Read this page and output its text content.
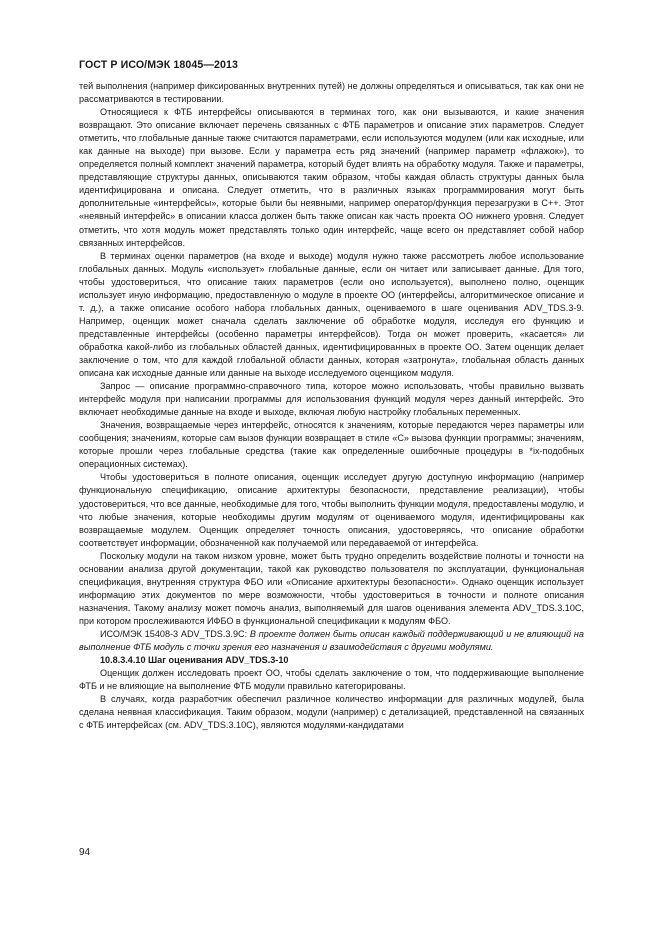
ГОСТ Р ИСО/МЭК 18045—2013

тей выполнения (например фиксированных внутренних путей) не должны определяться и описываться, так как они не рассматриваются в тестировании.

Относящиеся к ФТБ интерфейсы описываются в терминах того, как они вызываются, и какие значения возвращают. Это описание включает перечень связанных с ФТБ параметров и описание этих параметров. Следует отметить, что глобальные данные также считаются параметрами, если используются модулем (или как исходные, или как данные на выходе) при вызове. Если у параметра есть ряд значений (например параметр «флажок»), то определяется полный комплект значений параметра, который будет влиять на обработку модуля. Также и параметры, представляющие структуры данных, описываются таким образом, чтобы каждая область структуры данных была идентифицирована и описана. Следует отметить, что в различных языках программирования могут быть дополнительные «интерфейсы», которые были бы неявными, например оператор/функция перезагрузки в C++. Этот «неявный интерфейс» в описании класса должен быть также описан как часть проекта ОО нижнего уровня. Следует отметить, что хотя модуль может представлять только один интерфейс, чаще всего он представляет собой набор связанных интерфейсов.

В терминах оценки параметров (на входе и выходе) модуля нужно также рассмотреть любое использование глобальных данных. Модуль «использует» глобальные данные, если он читает или записывает данные. Для того, чтобы удостовериться, что описание таких параметров (если оно используется), выполнено полно, оценщик использует иную информацию, предоставленную о модуле в проекте ОО (интерфейсы, алгоритмическое описание и т. д.), а также описание особого набора глобальных данных, оцениваемого в шаге оценивания ADV_TDS.3-9. Например, оценщик может сначала сделать заключение об обработке модуля, исследуя его функцию и представленные интерфейсы (особенно параметры интерфейсов). Тогда он может проверить, «касается» ли обработка какой-либо из глобальных областей данных, идентифицированных в проекте ОО. Затем оценщик делает заключение о том, что для каждой глобальной области данных, которая «затронута», глобальная область данных описана как исходные данные или данные на выходе исследуемого оценщиком модуля.

Запрос — описание программно-справочного типа, которое можно использовать, чтобы правильно вызвать интерфейс модуля при написании программы для использования функций модуля через данный интерфейс. Это включает необходимые данные на входе и выходе, включая любую настройку глобальных переменных.

Значения, возвращаемые через интерфейс, относятся к значениям, которые передаются через параметры или сообщения; значениям, которые сам вызов функции возвращает в стиле «С» вызова функции программы; значениям, которые прошли через глобальные средства (такие как определенные ошибочные процедуры в *ix-подобных операционных системах).

Чтобы удостовериться в полноте описания, оценщик исследует другую доступную информацию (например функциональную спецификацию, описание архитектуры безопасности, представление реализации), чтобы удостовериться, что все данные, необходимые для того, чтобы выполнить функции модуля, предоставлены модулю, и что любые значения, которые необходимы другим модулям от оцениваемого модуля, идентифицированы как возвращаемые модулем. Оценщик определяет точность описания, удостоверяясь, что описание обработки соответствует информации, обозначенной как получаемой или передаваемой от интерфейса.

Поскольку модули на таком низком уровне, может быть трудно определить воздействие полноты и точности на основании анализа другой документации, такой как руководство пользователя по эксплуатации, функциональная спецификация, внутренняя структура ФБО или «Описание архитектуры безопасности». Однако оценщик использует информацию этих документов по мере возможности, чтобы удостовериться в точности и полноте описания назначения. Такому анализу может помочь анализ, выполняемый для шагов оценивания элемента ADV_TDS.3.10C, при котором прослеживаются ИФБО в функциональной спецификации к модулям ФБО.

ИСО/МЭК 15408-3 ADV_TDS.3.9C: В проекте должен быть описан каждый поддерживающий и не влияющий на выполнение ФТБ модуль с точки зрения его назначения и взаимодействия с другими модулями.

10.8.3.4.10 Шаг оценивания ADV_TDS.3-10

Оценщик должен исследовать проект ОО, чтобы сделать заключение о том, что поддерживающие выполнение ФТБ и не влияющие на выполнение ФТБ модули правильно категорированы.

В случаях, когда разработчик обеспечил различное количество информации для различных модулей, была сделана неявная классификация. Таким образом, модули (например) с детализацией, представленной на связанных с ФТБ интерфейсах (см. ADV_TDS.3.10C), являются модулями-кандидатами

94
